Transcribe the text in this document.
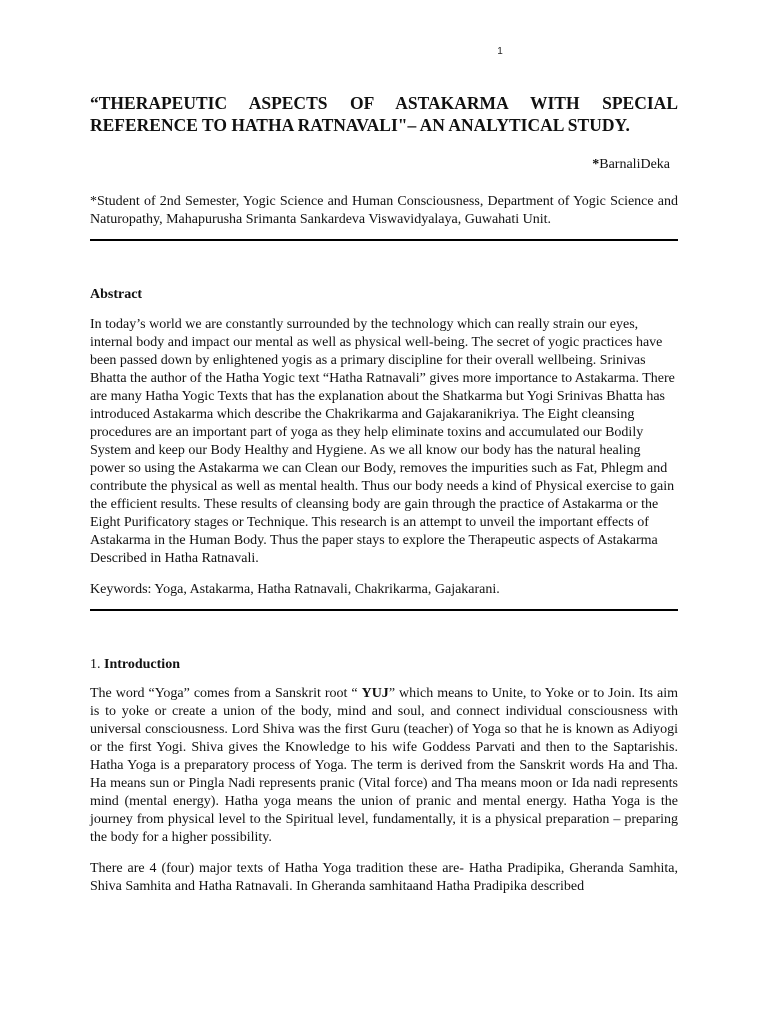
1
“THERAPEUTIC ASPECTS OF ASTAKARMA WITH SPECIAL
REFERENCE TO HATHA RATNAVALI"– AN ANALYTICAL STUDY.
*BarnaliDeka

*Student of 2nd Semester, Yogic Science and Human Consciousness, Department of Yogic Science and Naturopathy, Mahapurusha Srimanta Sankardeva Viswavidyalaya, Guwahati Unit.

Abstract

In today’s world we are constantly surrounded by the technology which can really strain our eyes, internal body and impact our mental as well as physical well-being. The secret of yogic practices have been passed down by enlightened yogis as a primary discipline for their overall wellbeing. Srinivas Bhatta the author of the Hatha Yogic text “Hatha Ratnavali” gives more importance to Astakarma. There are many Hatha Yogic Texts that has the explanation about the Shatkarma but Yogi Srinivas Bhatta has introduced Astakarma which describe the Chakrikarma and Gajakaranikriya. The Eight cleansing procedures are an important part of yoga as they help eliminate toxins and accumulated our Bodily System and keep our Body Healthy and Hygiene. As we all know our body has the natural healing power so using the Astakarma we can Clean our Body, removes the impurities such as Fat, Phlegm and contribute the physical as well as mental health. Thus our body needs a kind of Physical exercise to gain the efficient results. These results of cleansing body are gain through the practice of Astakarma or the Eight Purificatory stages or Technique. This research is an attempt to unveil the important effects of Astakarma in the Human Body. Thus the paper stays to explore the Therapeutic aspects of Astakarma Described in Hatha Ratnavali.

Keywords: Yoga, Astakarma, Hatha Ratnavali, Chakrikarma, Gajakarani.

1. Introduction

The word “Yoga” comes from a Sanskrit root “ YUJ” which means to Unite, to Yoke or to Join. Its aim is to yoke or create a union of the body, mind and soul, and connect individual consciousness with universal consciousness. Lord Shiva was the first Guru (teacher) of Yoga so that he is known as Adiyogi or the first Yogi. Shiva gives the Knowledge to his wife Goddess Parvati and then to the Saptarishis. Hatha Yoga is a preparatory process of Yoga. The term is derived from the Sanskrit words Ha and Tha. Ha means sun or Pingla Nadi represents pranic (Vital force) and Tha means moon or Ida nadi represents mind (mental energy). Hatha yoga means the union of pranic and mental energy. Hatha Yoga is the journey from physical level to the Spiritual level, fundamentally, it is a physical preparation – preparing the body for a higher possibility.

There are 4 (four) major texts of Hatha Yoga tradition these are- Hatha Pradipika, Gheranda Samhita, Shiva Samhita and Hatha Ratnavali. In Gheranda samhitaand Hatha Pradipika described
